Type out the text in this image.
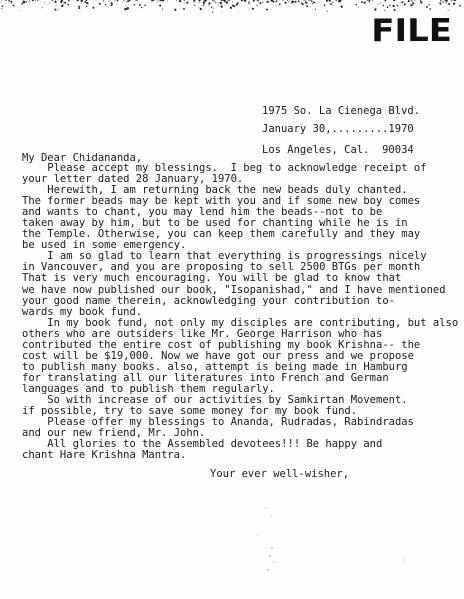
FILE

1975 So. La Cienega Blvd.

Los Angeles, Cal.  90034

January 30,.........1970
My Dear Chidananda,
Please accept my blessings.  I beg to acknowledge receipt of
your letter dated 28 January, 1970.
Herewith, I am returning back the new beads duly chanted.
The former beads may be kept with you and if some new boy comes
and wants to chant, you may lend him the beads--not to be
taken away by him, but to be used for chanting while he is in
the Temple. Otherwise, you can keep them carefully and they may
be used in some emergency.
I am so glad to learn that everything is progressings nicely
in Vancouver, and you are proposing to sell 2500 BTGs per month
That is very much encouraging. You will be glad to know that
we have now published our book, "Isopanishad," and I have mentioned
your good name therein, acknowledging your contribution to-
wards my book fund.
In my book fund, not only my disciples are contributing, but also
others who are outsiders like Mr. George Harrison who has
contributed the entire cost of publishing my book Krishna-- the
cost will be $19,000. Now we have got our press and we propose
to publish many books. also, attempt is being made in Hamburg
for translating all our literatures into French and German
languages and to publish them regularly.
So with increase of our activities by Samkirtan Movement.
if possible, try to save some money for my book fund.
Please offer my blessings to Ananda, Rudradas, Rabindradas
and our new friend, Mr. John.
All glories to the Assembled devotees!!! Be happy and
chant Hare Krishna Mantra.
Your ever well-wisher,
